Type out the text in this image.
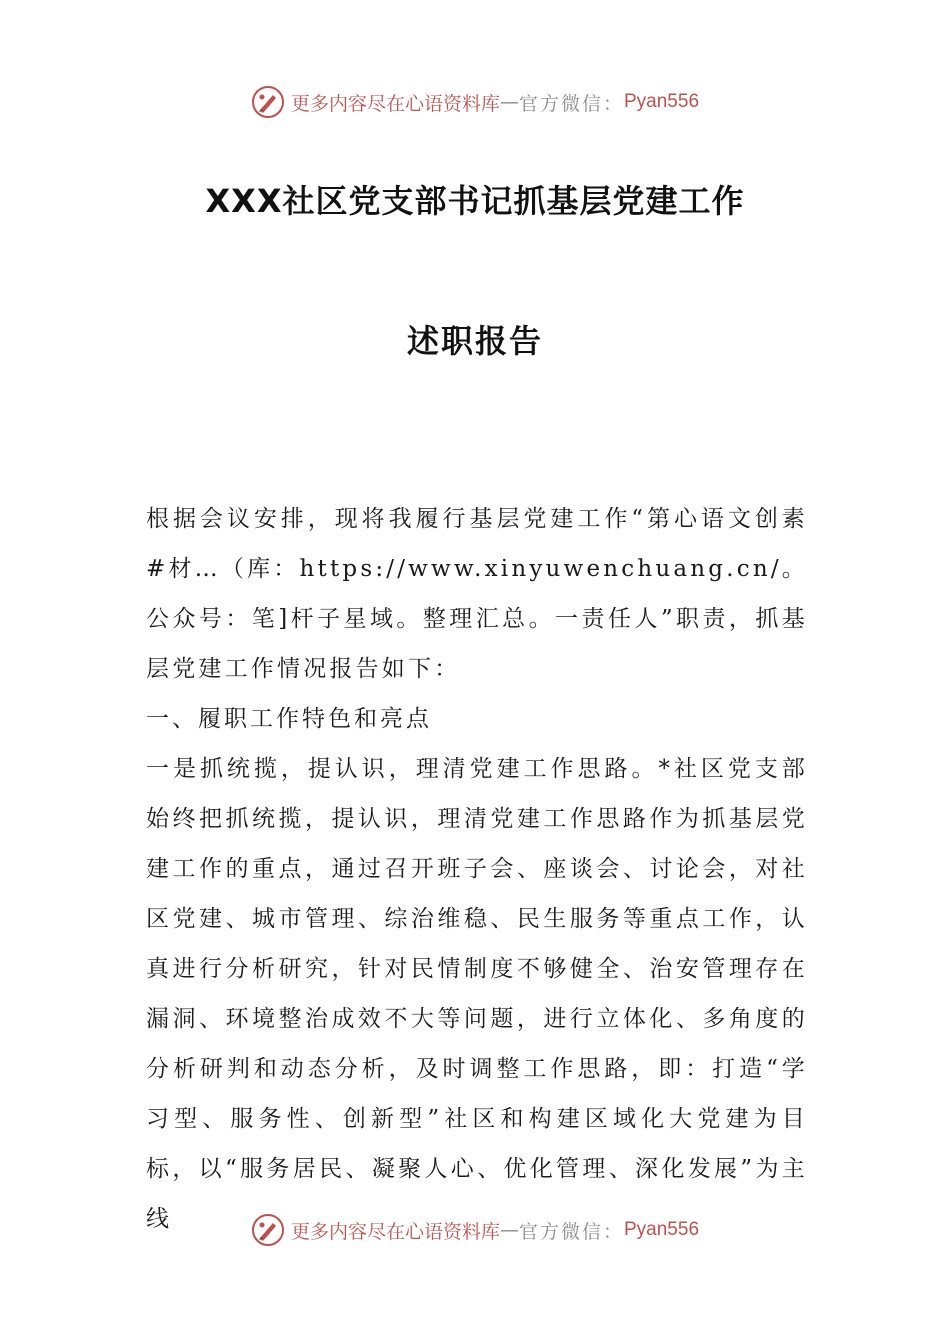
更多内容尽在心语资料库 — 官方微信： Pyan556
XXX社区党支部书记抓基层党建工作
述职报告

根据会议安排，现将我履行基层党建工作“第心语文创素#材…（库：https://www.xinyuwenchuang.cn/。公众号：笔]杆子星域。整理汇总。一责任人”职责，抓基层党建工作情况报告如下：

一、履职工作特色和亮点

一是抓统揽，提认识，理清党建工作思路。*社区党支部始终把抓统揽，提认识，理清党建工作思路作为抓基层党建工作的重点，通过召开班子会、座谈会、讨论会，对社区党建、城市管理、综治维稳、民生服务等重点工作，认真进行分析研究，针对民情制度不够健全、治安管理存在漏洞、环境整治成效不大等问题，进行立体化、多角度的分析研判和动态分析，及时调整工作思路，即：打造“学习型、服务性、创新型”社区和构建区域化大党建为目标，以“服务居民、凝聚人心、优化管理、深化发展”为主线	更多内容尽在心语资料库 — 官方微信： Pyan556
